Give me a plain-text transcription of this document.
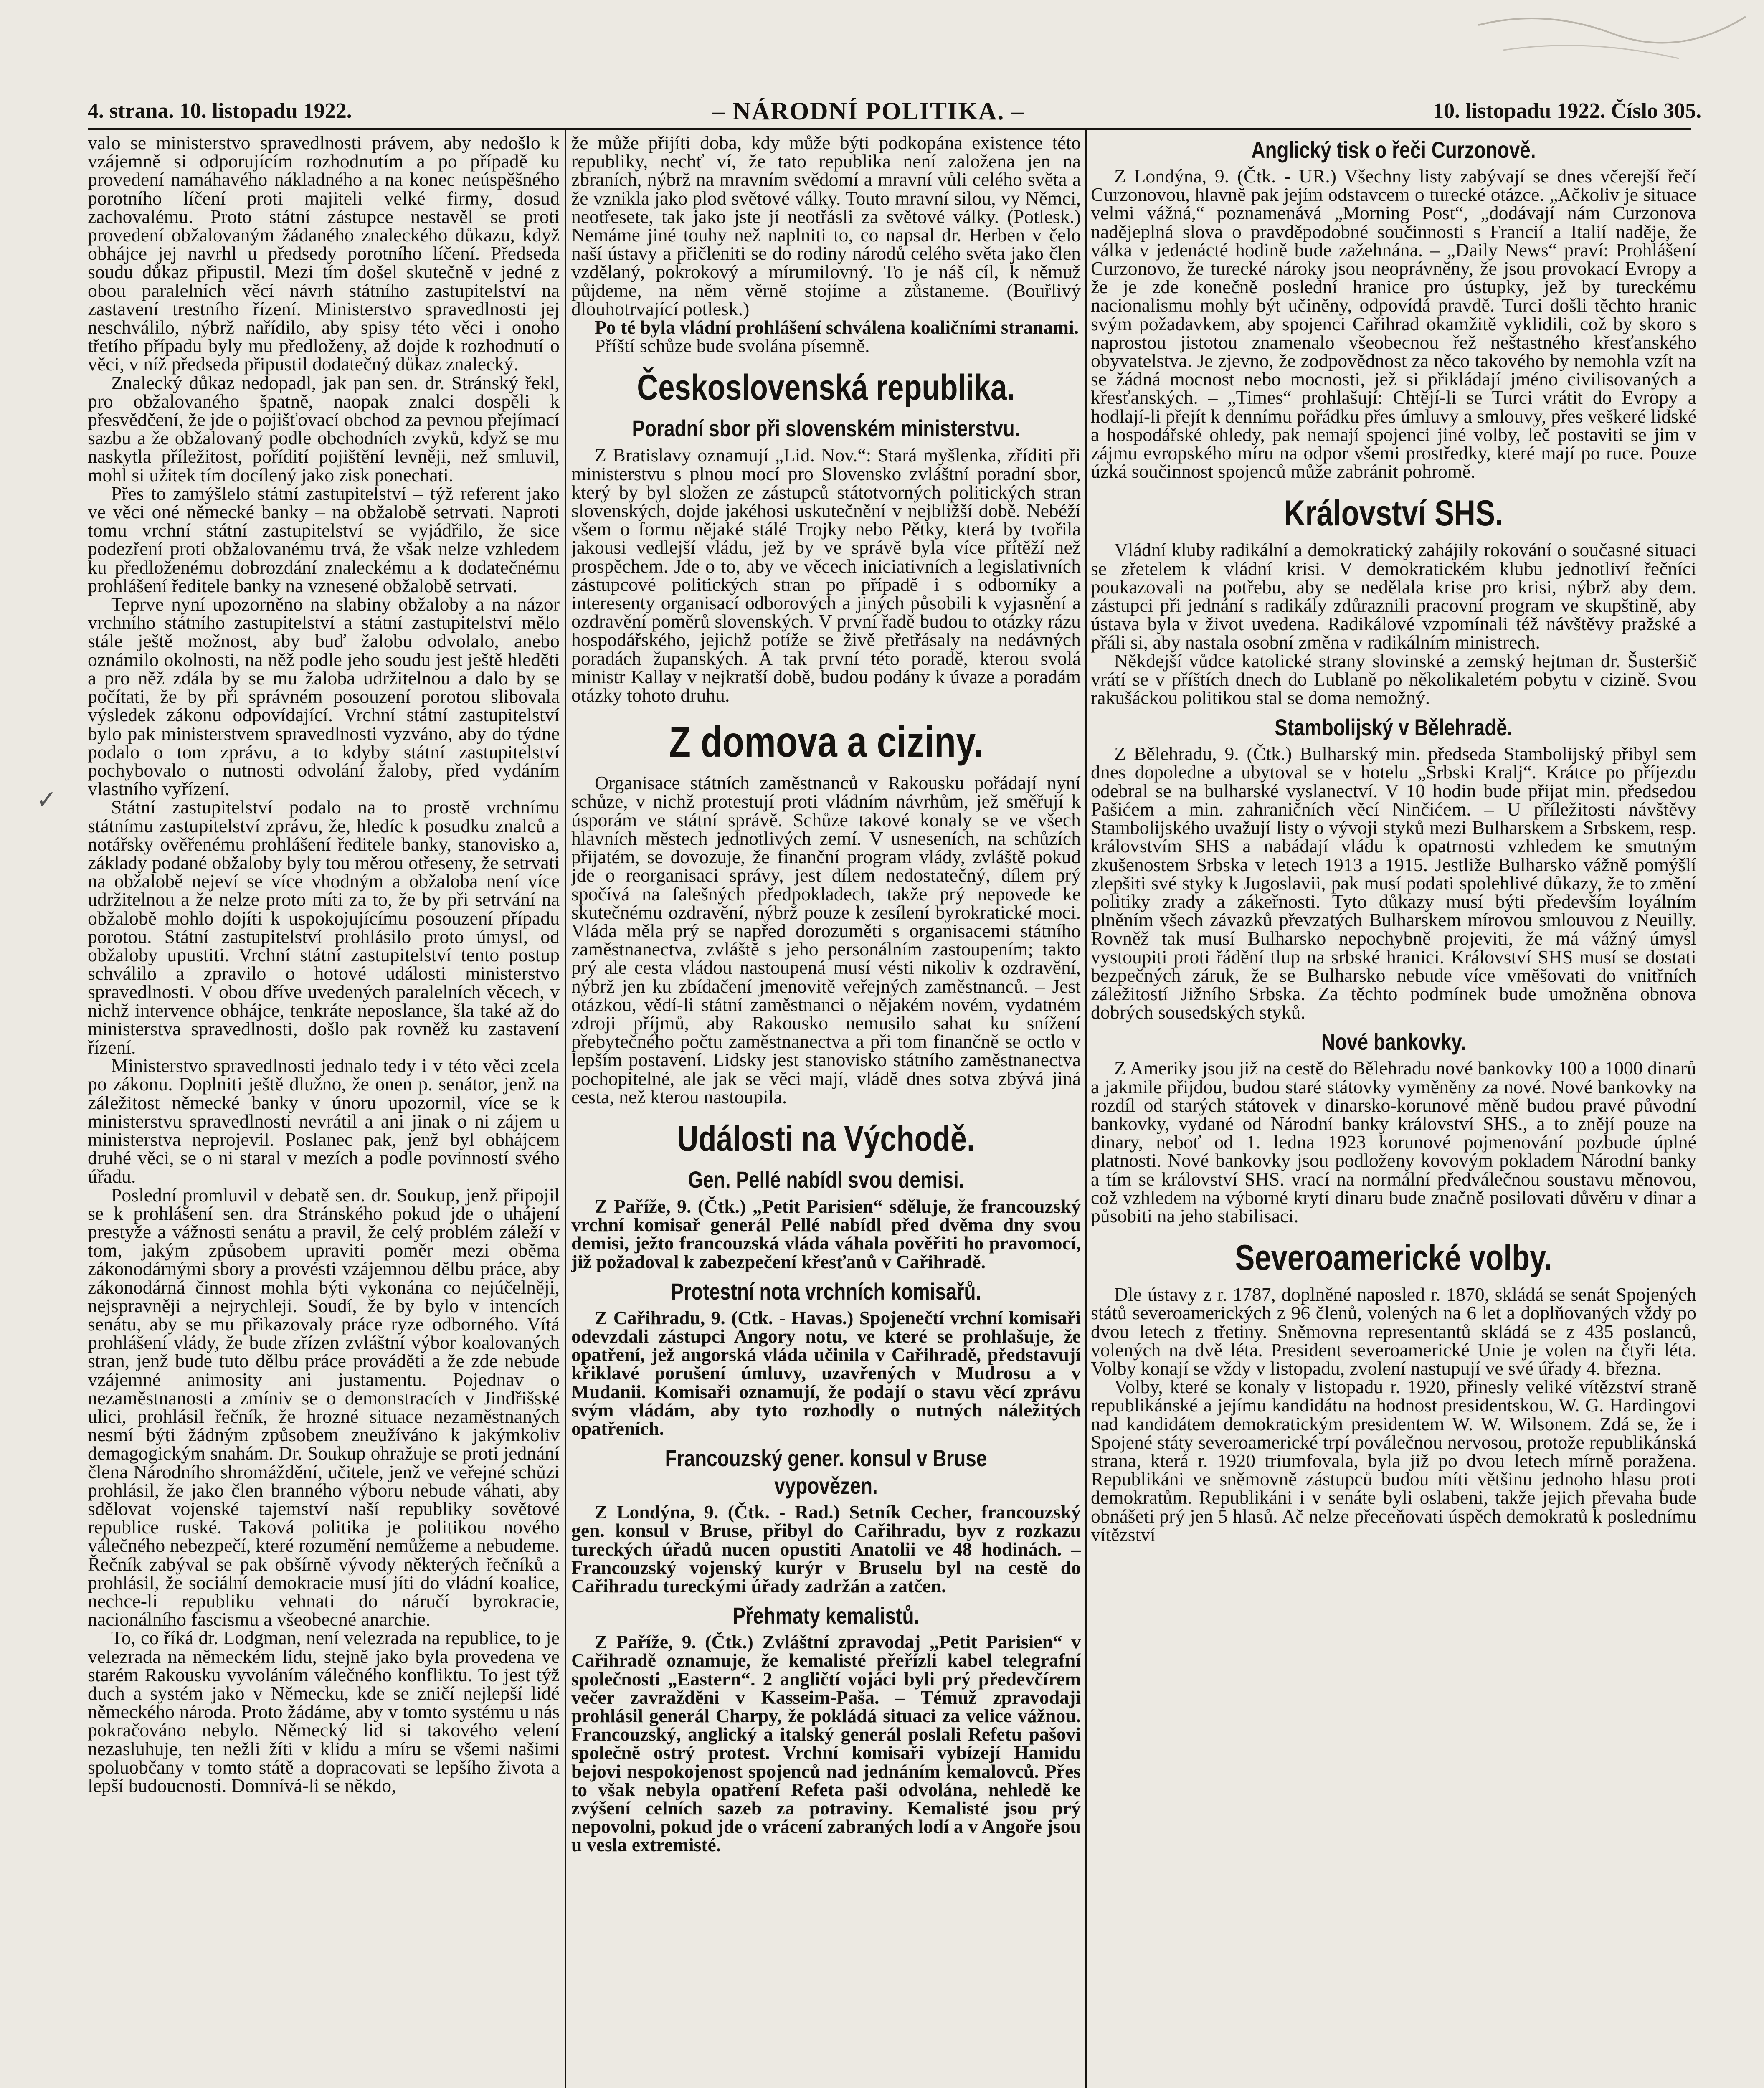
4. strana. 10. listopadu 1922.	– NÁRODNÍ POLITIKA. –	10. listopadu 1922. Číslo 305.

valo se ministerstvo spravedlnosti právem, aby nedošlo k vzájemně si odporujícím rozhodnutím a po případě ku provedení namáhavého nákladného a na konec neúspěšného porotního líčení proti majiteli velké firmy, dosud zachovalému. Proto státní zástupce nestavěl se proti provedení obžalovaným žádaného znaleckého důkazu, když obhájce jej navrhl u předsedy porotního líčení. Předseda soudu důkaz připustil. Mezi tím došel skutečně v jedné z obou paralelních věcí návrh státního zastupitelství na zastavení trestního řízení. Ministerstvo spravedlnosti jej neschválilo, nýbrž nařídilo, aby spisy této věci i onoho třetího případu byly mu předloženy, až dojde k rozhodnutí o věci, v níž předseda připustil dodatečný důkaz znalecký.

Znalecký důkaz nedopadl, jak pan sen. dr. Stránský řekl, pro obžalovaného špatně, naopak znalci dospěli k přesvědčení, že jde o pojišťovací obchod za pevnou přejímací sazbu a že obžalovaný podle obchodních zvyků, když se mu naskytla příležitost, pořídití pojištění levněji, než smluvil, mohl si užitek tím docílený jako zisk ponechati.

Přes to zamýšlelo státní zastupitelství – týž referent jako ve věci oné německé banky – na obžalobě setrvati. Naproti tomu vrchní státní zastupitelství se vyjádřilo, že sice podezření proti obžalovanému trvá, že však nelze vzhledem ku předloženému dobrozdání znaleckému a k dodatečnému prohlášení ředitele banky na vznesené obžalobě setrvati.

Teprve nyní upozorněno na slabiny obžaloby a na názor vrchního státního zastupitelství a státní zastupitelství mělo stále ještě možnost, aby buď žalobu odvolalo, anebo oznámilo okolnosti, na něž podle jeho soudu jest ještě hleděti a pro něž zdála by se mu žaloba udržitelnou a dalo by se počítati, že by při správném posouzení porotou slibovala výsledek zákonu odpovídající. Vrchní státní zastupitelství bylo pak ministerstvem spravedlnosti vyzváno, aby do týdne podalo o tom zprávu, a to kdyby státní zastupitelství pochybovalo o nutnosti odvolání žaloby, před vydáním vlastního vyřízení.

Státní zastupitelství podalo na to prostě vrchnímu státnímu zastupitelství zprávu, že, hledíc k posudku znalců a notářsky ověřenému prohlášení ředitele banky, stanovisko a, základy podané obžaloby byly tou měrou otřeseny, že setrvati na obžalobě nejeví se více vhodným a obžaloba není více udržitelnou a že nelze proto míti za to, že by při setrvání na obžalobě mohlo dojíti k uspokojujícímu posouzení případu porotou. Státní zastupitelství prohlásilo proto úmysl, od obžaloby upustiti. Vrchní státní zastupitelství tento postup schválilo a zpravilo o hotové události ministerstvo spravedlnosti. V obou dříve uvedených paralelních věcech, v nichž intervence obhájce, tenkráte neposlance, šla také až do ministerstva spravedlnosti, došlo pak rovněž ku zastavení řízení.

Ministerstvo spravedlnosti jednalo tedy i v této věci zcela po zákonu. Doplniti ještě dlužno, že onen p. senátor, jenž na záležitost německé banky v únoru upozornil, více se k ministerstvu spravedlnosti nevrátil a ani jinak o ni zájem u ministerstva neprojevil. Poslanec pak, jenž byl obhájcem druhé věci, se o ni staral v mezích a podle povinností svého úřadu.

Poslední promluvil v debatě sen. dr. Soukup, jenž připojil se k prohlášení sen. dra Stránského pokud jde o uhájení prestyže a vážnosti senátu a pravil, že celý problém záleží v tom, jakým způsobem upraviti poměr mezi oběma zákonodárnými sbory a provésti vzájemnou dělbu práce, aby zákonodárná činnost mohla býti vykonána co nejúčelněji, nejspravněji a nejrychleji. Soudí, že by bylo v intencích senátu, aby se mu přikazovaly práce ryze odborného. Vítá prohlášení vlády, že bude zřízen zvláštní výbor koalovaných stran, jenž bude tuto dělbu práce prováděti a že zde nebude vzájemné animosity ani justamentu. Pojednav o nezaměstnanosti a zmíniv se o demonstracích v Jindřišské ulici, prohlásil řečník, že hrozné situace nezaměstnaných nesmí býti žádným způsobem zneužíváno k jakýmkoliv demagogickým snahám. Dr. Soukup ohražuje se proti jednání člena Národního shromáždění, učitele, jenž ve veřejné schůzi prohlásil, že jako člen branného výboru nebude váhati, aby sdělovat vojenské tajemství naší republiky sovětové republice ruské. Taková politika je politikou nového válečného nebezpečí, které rozumění nemůžeme a nebudeme. Řečník zabýval se pak obšírně vývody některých řečníků a prohlásil, že sociální demokracie musí jíti do vládní koalice, nechce-li republiku vehnati do náručí byrokracie, nacionálního fascismu a všeobecné anarchie.

To, co říká dr. Lodgman, není velezrada na republice, to je velezrada na německém lidu, stejně jako byla provedena ve starém Rakousku vyvoláním válečného konfliktu. To jest týž duch a systém jako v Německu, kde se zničí nejlepší lidé německého národa. Proto žádáme, aby v tomto systému u nás pokračováno nebylo. Německý lid si takového velení nezasluhuje, ten nežli žíti v klidu a míru se všemi našimi spoluobčany v tomto státě a dopracovati se lepšího života a lepší budoucnosti. Domnívá-li se někdo,

že může přijíti doba, kdy může býti podkopána existence této republiky, nechť ví, že tato republika není založena jen na zbraních, nýbrž na mravním svědomí a mravní vůli celého světa a že vznikla jako plod světové války. Touto mravní silou, vy Němci, neotřesete, tak jako jste jí neotřásli za světové války. (Potlesk.) Nemáme jiné touhy než naplniti to, co napsal dr. Herben v čelo naší ústavy a přičleniti se do rodiny národů celého světa jako člen vzdělaný, pokrokový a mírumilovný. To je náš cíl, k němuž půjdeme, na něm věrně stojíme a zůstaneme. (Bouřlivý dlouhotrvající potlesk.)

Po té byla vládní prohlášení schválena koaličními stranami.

Příští schůze bude svolána písemně.

Československá republika.
Poradní sbor při slovenském ministerstvu.

Z Bratislavy oznamují „Lid. Nov.“: Stará myšlenka, zříditi při ministerstvu s plnou mocí pro Slovensko zvláštní poradní sbor, který by byl složen ze zástupců státotvorných politických stran slovenských, dojde jakéhosi uskutečnění v nejbližší době. Nebéží všem o formu nějaké stálé Trojky nebo Pětky, která by tvořila jakousi vedlejší vládu, jež by ve správě byla více přítěží než prospěchem. Jde o to, aby ve věcech iniciativních a legislativních zástupcové politických stran po případě i s odborníky a interesenty organisací odborových a jiných působili k vyjasnění a ozdravění poměrů slovenských. V první řadě budou to otázky rázu hospodářského, jejichž potíže se živě přetřásaly na nedávných poradách županských. A tak první této poradě, kterou svolá ministr Kallay v nejkratší době, budou podány k úvaze a poradám otázky tohoto druhu.

Z domova a ciziny.

Organisace státních zaměstnanců v Rakousku pořádají nyní schůze, v nichž protestují proti vládním návrhům, jež směřují k úsporám ve státní správě. Schůze takové konaly se ve všech hlavních městech jednotlivých zemí. V usneseních, na schůzích přijatém, se dovozuje, že finanční program vlády, zvláště pokud jde o reorganisaci správy, jest dílem nedostatečný, dílem prý spočívá na falešných předpokladech, takže prý nepovede ke skutečnému ozdravění, nýbrž pouze k zesílení byrokratické moci. Vláda měla prý se napřed dorozuměti s organisacemi státního zaměstnanectva, zvláště s jeho personálním zastoupením; takto prý ale cesta vládou nastoupená musí vésti nikoliv k ozdravění, nýbrž jen ku zbídačení jmenovitě veřejných zaměstnanců. – Jest otázkou, vědí-li státní zaměstnanci o nějakém novém, vydatném zdroji příjmů, aby Rakousko nemusilo sahat ku snížení přebytečného počtu zaměstnanectva a při tom finančně se octlo v lepším postavení. Lidsky jest stanovisko státního zaměstnanectva pochopitelné, ale jak se věci mají, vládě dnes sotva zbývá jiná cesta, než kterou nastoupila.

Události na Východě.
Gen. Pellé nabídl svou demisi.

Z Paříže, 9. (Čtk.) „Petit Parisien“ sděluje, že francouzský vrchní komisař generál Pellé nabídl před dvěma dny svou demisi, ježto francouzská vláda váhala pověřiti ho pravomocí, již požadoval k zabezpečení křesťanů v Cařihradě.

Protestní nota vrchních komisařů.

Z Cařihradu, 9. (Ctk. - Havas.) Spojenečtí vrchní komisaři odevzdali zástupci Angory notu, ve které se prohlašuje, že opatření, jež angorská vláda učinila v Cařihradě, představují křiklavé porušení úmluvy, uzavřených v Mudrosu a v Mudanii. Komisaři oznamují, že podají o stavu věcí zprávu svým vládám, aby tyto rozhodly o nutných náležitých opatřeních.

Francouzský gener. konsul v Bruse vypovězen.

Z Londýna, 9. (Čtk. - Rad.) Setník Cecher, francouzský gen. konsul v Bruse, přibyl do Cařihradu, byv z rozkazu tureckých úřadů nucen opustiti Anatolii ve 48 hodinách. – Francouzský vojenský kurýr v Bruselu byl na cestě do Cařihradu tureckými úřady zadržán a zatčen.

Přehmaty kemalistů.

Z Paříže, 9. (Čtk.) Zvláštní zpravodaj „Petit Parisien“ v Cařihradě oznamuje, že kemalisté přeřízli kabel telegrafní společnosti „Eastern“. 2 angličtí vojáci byli prý předevčírem večer zavražděni v Kasseim-Paša. – Témuž zpravodaji prohlásil generál Charpy, že pokládá situaci za velice vážnou. Francouzský, anglický a italský generál poslali Refetu pašovi společně ostrý protest. Vrchní komisaři vybízejí Hamidu bejovi nespokojenost spojenců nad jednáním kemalovců. Přes to však nebyla opatření Refeta paši odvolána, nehledě ke zvýšení celních sazeb za potraviny. Kemalisté jsou prý nepovolni, pokud jde o vrácení zabraných lodí a v Angoře jsou u vesla extremisté.

Anglický tisk o řeči Curzonově.

Z Londýna, 9. (Čtk. - UR.) Všechny listy zabývají se dnes včerejší řečí Curzonovou, hlavně pak jejím odstavcem o turecké otázce. „Ačkoliv je situace velmi vážná,“ poznamenává „Morning Post“, „dodávají nám Curzonova nadějeplná slova o pravděpodobné součinnosti s Francií a Italií naděje, že válka v jedenácté hodině bude zažehnána. – „Daily News“ praví: Prohlášení Curzonovo, že turecké nároky jsou neoprávněny, že jsou provokací Evropy a že je zde konečně poslední hranice pro ústupky, jež by tureckému nacionalismu mohly být učiněny, odpovídá pravdě. Turci došli těchto hranic svým požadavkem, aby spojenci Cařihrad okamžitě vyklidili, což by skoro s naprostou jistotou znamenalo všeobecnou řež neštastného křesťanského obyvatelstva. Je zjevno, že zodpovědnost za něco takového by nemohla vzít na se žádná mocnost nebo mocnosti, jež si přikládají jméno civilisovaných a křesťanských. – „Times“ prohlašují: Chtějí-li se Turci vrátit do Evropy a hodlají-li přejít k dennímu pořádku přes úmluvy a smlouvy, přes veškeré lidské a hospodářské ohledy, pak nemají spojenci jiné volby, leč postaviti se jim v zájmu evropského míru na odpor všemi prostředky, které mají po ruce. Pouze úzká součinnost spojenců může zabránit pohromě.

Království SHS.

Vládní kluby radikální a demokratický zahájily rokování o současné situaci se zřetelem k vládní krisi. V demokratickém klubu jednotliví řečníci poukazovali na potřebu, aby se nedělala krise pro krisi, nýbrž aby dem. zástupci při jednání s radikály zdůraznili pracovní program ve skupštině, aby ústava byla v život uvedena. Radikálové vzpomínali též návštěvy pražské a přáli si, aby nastala osobní změna v radikálním ministrech.

Někdejší vůdce katolické strany slovinské a zemský hejtman dr. Šusteršič vrátí se v příštích dnech do Lublaně po několikaletém pobytu v cizině. Svou rakušáckou politikou stal se doma nemožný.

Stambolijský v Bělehradě.

Z Bělehradu, 9. (Čtk.) Bulharský min. předseda Stambolijský přibyl sem dnes dopoledne a ubytoval se v hotelu „Srbski Kralj“. Krátce po příjezdu odebral se na bulharské vyslanectví. V 10 hodin bude přijat min. předsedou Pašićem a min. zahraničních věcí Ninčićem. – U příležitosti návštěvy Stambolijského uvažují listy o vývoji styků mezi Bulharskem a Srbskem, resp. královstvím SHS a nabádají vládu k opatrnosti vzhledem ke smutným zkušenostem Srbska v letech 1913 a 1915. Jestliže Bulharsko vážně pomýšlí zlepšiti své styky k Jugoslavii, pak musí podati spolehlivé důkazy, že to změní politiky zrady a zákeřnosti. Tyto důkazy musí býti především loyálním plněním všech závazků převzatých Bulharskem mírovou smlouvou z Neuilly. Rovněž tak musí Bulharsko nepochybně projeviti, že má vážný úmysl vystoupiti proti řádění tlup na srbské hranici. Království SHS musí se dostati bezpečných záruk, že se Bulharsko nebude více vměšovati do vnitřních záležitostí Jižního Srbska. Za těchto podmínek bude umožněna obnova dobrých sousedských styků.

Nové bankovky.

Z Ameriky jsou již na cestě do Bělehradu nové bankovky 100 a 1000 dinarů a jakmile přijdou, budou staré státovky vyměněny za nové. Nové bankovky na rozdíl od starých státovek v dinarsko-korunové měně budou pravé původní bankovky, vydané od Národní banky království SHS., a to znějí pouze na dinary, neboť od 1. ledna 1923 korunové pojmenování pozbude úplné platnosti. Nové bankovky jsou podloženy kovovým pokladem Národní banky a tím se království SHS. vrací na normální předválečnou soustavu měnovou, což vzhledem na výborné krytí dinaru bude značně posilovati důvěru v dinar a působiti na jeho stabilisaci.

Severoamerické volby.

Dle ústavy z r. 1787, doplněné naposled r. 1870, skládá se senát Spojených států severoamerických z 96 členů, volených na 6 let a doplňovaných vždy po dvou letech z třetiny. Sněmovna representantů skládá se z 435 poslanců, volených na dvě léta. President severoamerické Unie je volen na čtyři léta. Volby konají se vždy v listopadu, zvolení nastupují ve své úřady 4. března.

Volby, které se konaly v listopadu r. 1920, přinesly veliké vítězství straně republikánské a jejímu kandidátu na hodnost presidentskou, W. G. Hardingovi nad kandidátem demokratickým presidentem W. W. Wilsonem. Zdá se, že i Spojené státy severoamerické trpí poválečnou nervosou, protože republikánská strana, která r. 1920 triumfovala, byla již po dvou letech mírně poražena. Republikáni ve sněmovně zástupců budou míti většinu jednoho hlasu proti demokratům. Republikáni i v senáte byli oslabeni, takže jejich převaha bude obnášeti prý jen 5 hlasů. Ač nelze přeceňovati úspěch demokratů k poslednímu vítězství

✓
